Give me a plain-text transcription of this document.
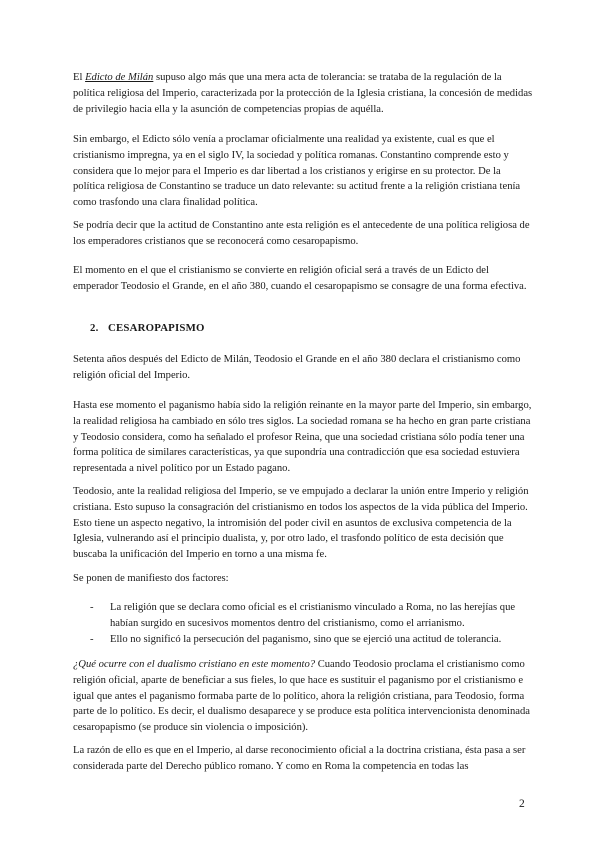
El Edicto de Milán supuso algo más que una mera acta de tolerancia: se trataba de la regulación de la política religiosa del Imperio, caracterizada por la protección de la Iglesia cristiana, la concesión de medidas de privilegio hacia ella y la asunción de competencias propias de aquélla.

Sin embargo, el Edicto sólo venía a proclamar oficialmente una realidad ya existente, cual es que el cristianismo impregna, ya en el siglo IV, la sociedad y política romanas. Constantino comprende esto y considera que lo mejor para el Imperio es dar libertad a los cristianos y erigirse en su protector. De la política religiosa de Constantino se traduce un dato relevante: su actitud frente a la religión cristiana tenía como trasfondo una clara finalidad política.

Se podría decir que la actitud de Constantino ante esta religión es el antecedente de una política religiosa de los emperadores cristianos que se reconocerá como cesaropapismo.

El momento en el que el cristianismo se convierte en religión oficial será a través de un Edicto del emperador Teodosio el Grande, en el año 380, cuando el cesaropapismo se consagre de una forma efectiva.

2. CESAROPAPISMO

Setenta años después del Edicto de Milán, Teodosio el Grande en el año 380 declara el cristianismo como religión oficial del Imperio.

Hasta ese momento el paganismo había sido la religión reinante en la mayor parte del Imperio, sin embargo, la realidad religiosa ha cambiado en sólo tres siglos. La sociedad romana se ha hecho en gran parte cristiana y Teodosio considera, como ha señalado el profesor Reina, que una sociedad cristiana sólo podía tener una forma política de similares características, ya que supondría una contradicción que esa sociedad estuviera representada a nivel político por un Estado pagano.

Teodosio, ante la realidad religiosa del Imperio, se ve empujado a declarar la unión entre Imperio y religión cristiana. Esto supuso la consagración del cristianismo en todos los aspectos de la vida pública del Imperio. Esto tiene un aspecto negativo, la intromisión del poder civil en asuntos de exclusiva competencia de la Iglesia, vulnerando así el principio dualista, y, por otro lado, el trasfondo político de esta decisión que buscaba la unificación del Imperio en torno a una misma fe.

Se ponen de manifiesto dos factores:

- La religión que se declara como oficial es el cristianismo vinculado a Roma, no las herejías que habían surgido en sucesivos momentos dentro del cristianismo, como el arrianismo.
- Ello no significó la persecución del paganismo, sino que se ejerció una actitud de tolerancia.

¿Qué ocurre con el dualismo cristiano en este momento? Cuando Teodosio proclama el cristianismo como religión oficial, aparte de beneficiar a sus fieles, lo que hace es sustituir el paganismo por el cristianismo e igual que antes el paganismo formaba parte de lo político, ahora la religión cristiana, para Teodosio, forma parte de lo político. Es decir, el dualismo desaparece y se produce esta política intervencionista denominada cesaropapismo (se produce sin violencia o imposición).

La razón de ello es que en el Imperio, al darse reconocimiento oficial a la doctrina cristiana, ésta pasa a ser considerada parte del Derecho público romano. Y como en Roma la competencia en todas las

2
